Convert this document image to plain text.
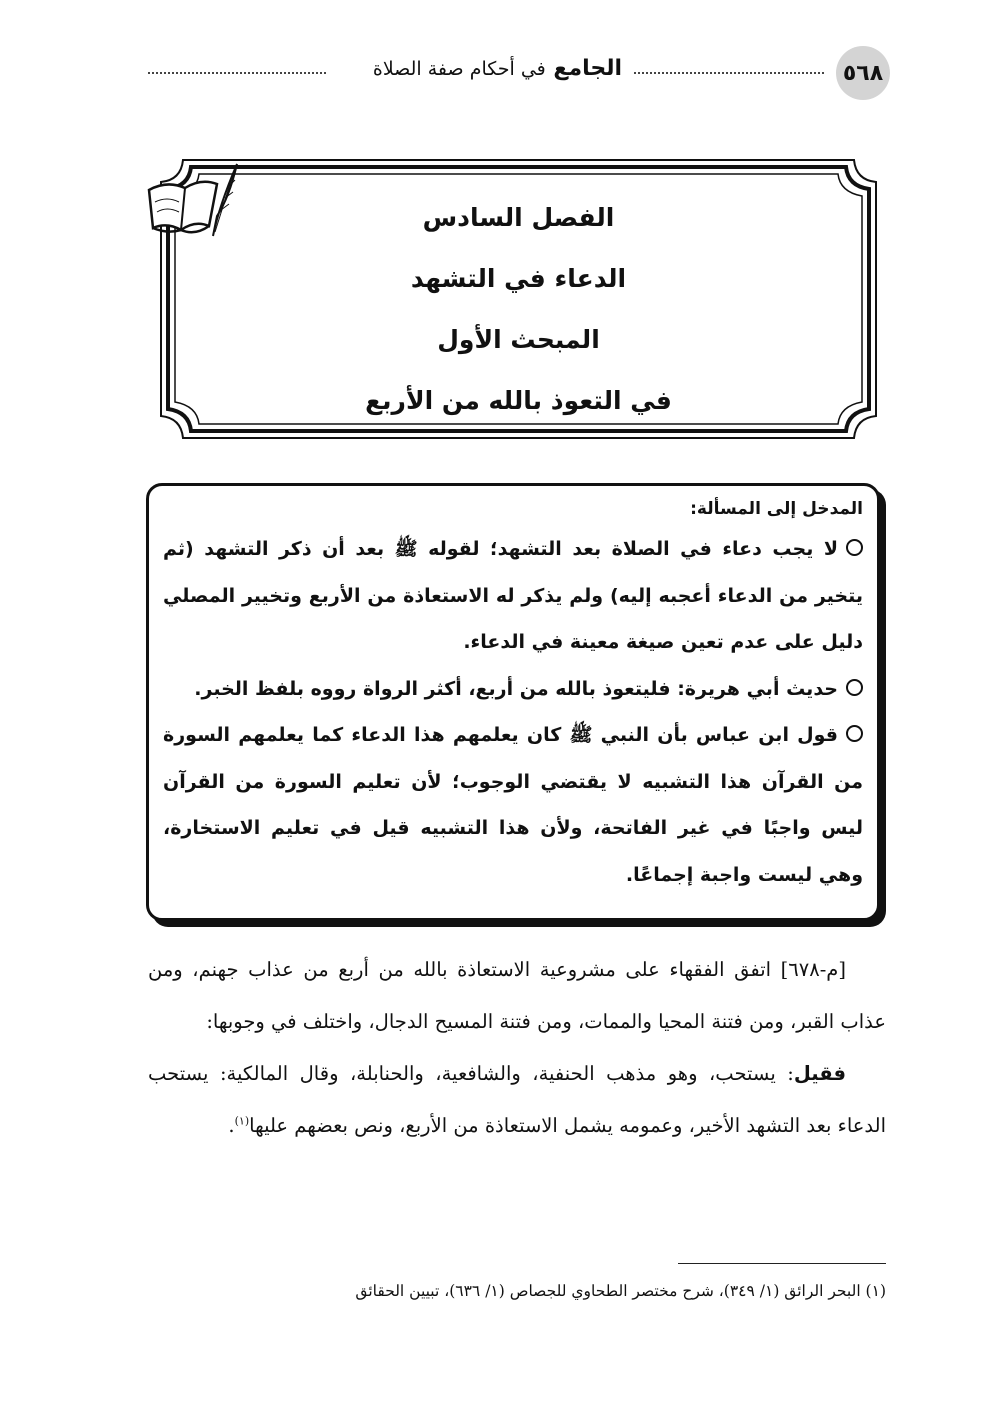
٥٦٨
الجامع في أحكام صفة الصلاة
الفصل السادس
الدعاء في التشهد
المبحث الأول
في التعوذ بالله من الأربع
المدخل إلى المسألة:
لا يجب دعاء في الصلاة بعد التشهد؛ لقوله ﷺ بعد أن ذكر التشهد (ثم يتخير من الدعاء أعجبه إليه) ولم يذكر له الاستعاذة من الأربع وتخيير المصلي دليل على عدم تعين صيغة معينة في الدعاء.
حديث أبي هريرة: فليتعوذ بالله من أربع، أكثر الرواة رووه بلفظ الخبر.
قول ابن عباس بأن النبي ﷺ كان يعلمهم هذا الدعاء كما يعلمهم السورة من القرآن هذا التشبيه لا يقتضي الوجوب؛ لأن تعليم السورة من القرآن ليس واجبًا في غير الفاتحة، ولأن هذا التشبيه قيل في تعليم الاستخارة، وهي ليست واجبة إجماعًا.

[م-٦٧٨] اتفق الفقهاء على مشروعية الاستعاذة بالله من أربع من عذاب جهنم، ومن عذاب القبر، ومن فتنة المحيا والممات، ومن فتنة المسيح الدجال، واختلف في وجوبها:

فقيل: يستحب، وهو مذهب الحنفية، والشافعية، والحنابلة، وقال المالكية: يستحب الدعاء بعد التشهد الأخير، وعمومه يشمل الاستعاذة من الأربع، ونص بعضهم عليها$^{(١)}$.

(١) البحر الرائق (١/ ٣٤٩)، شرح مختصر الطحاوي للجصاص (١/ ٦٣٦)، تبيين الحقائق
